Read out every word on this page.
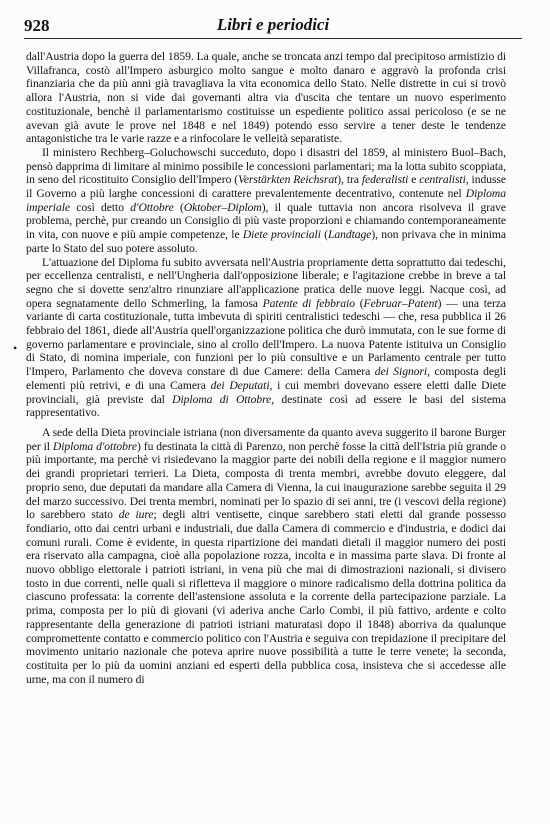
928	Libri e periodici
•

dall'Austria dopo la guerra del 1859. La quale, anche se troncata anzi tempo dal precipitoso armistizio di Villafranca, costò all'Impero asburgico molto sangue e molto danaro e aggravò la profonda crisi finanziaria che da più anni già travagliava la vita economica dello Stato. Nelle distrette in cui si trovò allora l'Austria, non si vide dai governanti altra via d'uscita che tentare un nuovo esperimento costituzionale, benchè il parlamentarismo costituisse un espediente politico assai pericoloso (e se ne avevan già avute le prove nel 1848 e nel 1849) potendo esso servire a tener deste le tendenze antagonistiche tra le varie razze e a rinfocolare le velleità separatiste.

Il ministero Rechberg–Goluchowschi succeduto, dopo i disastri del 1859, al ministero Buol–Bach, pensò dapprima di limitare al minimo possibile le concessioni parlamentari; ma la lotta subito scoppiata, in seno del ricostituito Consiglio dell'Impero (Verstärkten Reichsrat), tra federalisti e centralisti, indusse il Governo a più larghe concessioni di carattere prevalentemente decentrativo, contenute nel Diploma imperiale così detto d'Ottobre (Oktober–Diplom), il quale tuttavia non ancora risolveva il grave problema, perchè, pur creando un Consiglio di più vaste proporzioni e chiamando contemporaneamente in vita, con nuove e più ampie competenze, le Diete provinciali (Landtage), non privava che in minima parte lo Stato del suo potere assoluto.

L'attuazione del Diploma fu subito avversata nell'Austria propriamente detta soprattutto dai tedeschi, per eccellenza centralisti, e nell'Ungheria dall'opposizione liberale; e l'agitazione crebbe in breve a tal segno che si dovette senz'altro rinunziare all'applicazione pratica delle nuove leggi. Nacque così, ad opera segnatamente dello Schmerling, la famosa Patente di febbraio (Februar–Patent) — una terza variante di carta costituzionale, tutta imbevuta di spiriti centralistici tedeschi — che, resa pubblica il 26 febbraio del 1861, diede all'Austria quell'organizzazione politica che durò immutata, con le sue forme di governo parlamentare e provinciale, sino al crollo dell'Impero. La nuova Patente istituiva un Consiglio di Stato, di nomina imperiale, con funzioni per lo più consultive e un Parlamento centrale per tutto l'Impero, Parlamento che doveva constare di due Camere: della Camera dei Signori, composta degli elementi più retrivi, e di una Camera dei Deputati, i cui membri dovevano essere eletti dalle Diete provinciali, già previste dal Diploma di Ottobre, destinate così ad essere le basi del sistema rappresentativo.

A sede della Dieta provinciale istriana (non diversamente da quanto aveva suggerito il barone Burger per il Diploma d'ottobre) fu destinata la città di Parenzo, non perchè fosse la città dell'Istria più grande o più importante, ma perchè vi risiedevano la maggior parte dei nobili della regione e il maggior numero dei grandi proprietari terrieri. La Dieta, composta di trenta membri, avrebbe dovuto eleggere, dal proprio seno, due deputati da mandare alla Camera di Vienna, la cui inaugurazione sarebbe seguita il 29 del marzo successivo. Dei trenta membri, nominati per lo spazio di sei anni, tre (i vescovi della regione) lo sarebbero stato de iure; degli altri ventisette, cinque sarebbero stati eletti dal grande possesso fondiario, otto dai centri urbani e industriali, due dalla Camera di commercio e d'industria, e dodici dai comuni rurali. Come è evidente, in questa ripartizione dei mandati dietali il maggior numero dei posti era riservato alla campagna, cioè alla popolazione rozza, incolta e in massima parte slava. Di fronte al nuovo obbligo elettorale i patrioti istriani, in vena più che mai di dimostrazioni nazionali, si divisero tosto in due correnti, nelle quali si rifletteva il maggiore o minore radicalismo della dottrina politica da ciascuno professata: la corrente dell'astensione assoluta e la corrente della partecipazione parziale. La prima, composta per lo più di giovani (vi aderiva anche Carlo Combi, il più fattivo, ardente e colto rappresentante della generazione di patrioti istriani maturatasi dopo il 1848) aborriva da qualunque compromettente contatto e commercio politico con l'Austria e seguiva con trepidazione il precipitare del movimento unitario nazionale che poteva aprire nuove possibilità a tutte le terre venete; la seconda, costituita per lo più da uomini anziani ed esperti della pubblica cosa, insisteva che si accedesse alle urne, ma con il numero di
